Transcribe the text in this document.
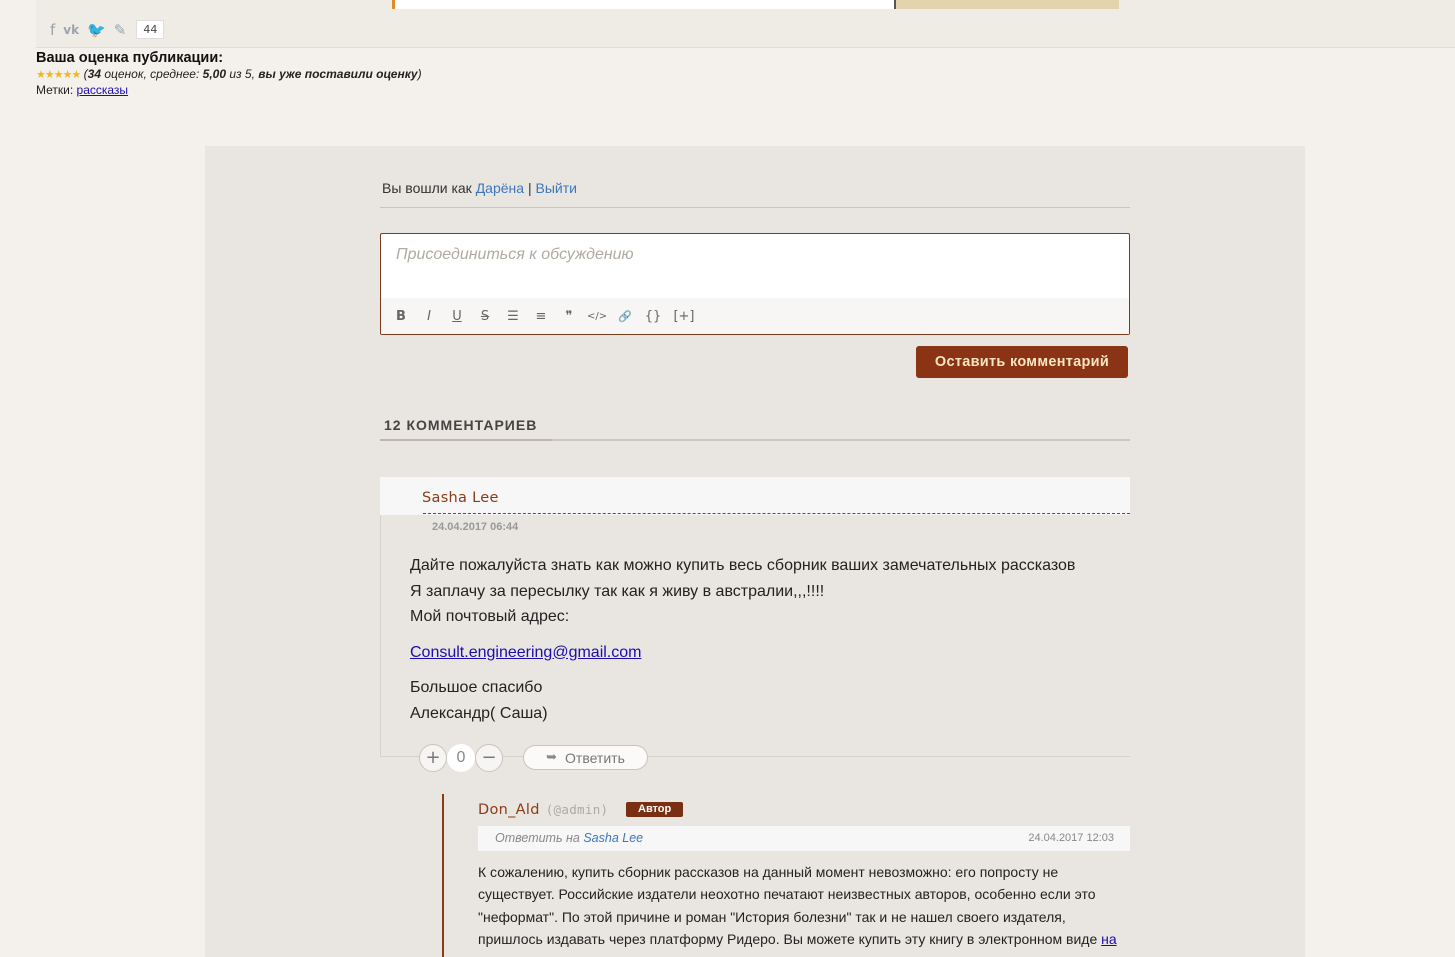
f vk 🐦 ✎	44
Ваша оценка публикации:
★★★★★ (34 оценок, среднее: 5,00 из 5, вы уже поставили оценку)
Метки: рассказы
Вы вошли как Дарёна | Выйти
Присоединиться к обсуждению
B	I	U	S	☰	≡	❞	</> 🔗 {} [+]
Оставить комментарий
12 КОММЕНТАРИЕВ
Sasha Lee
24.04.2017 06:44
Дайте пожалуйста знать как можно купить весь сборник ваших замечательных рассказов
Я заплачу за пересылку так как я живу в австралии,,,!!!!

Мой почтовый адрес:

Consult.engineering@gmail.com

Большое спасибо
Александр( Саша)
+	0 −	➥ Ответить
Don_Ald (@admin)	Автор
Ответить на Sasha Lee	24.04.2017 12:03
К сожалению, купить сборник рассказов на данный момент невозможно: его попросту не существует. Российские издатели неохотно печатают неизвестных авторов, особенно если это "неформат". По этой причине и роман "История болезни" так и не нашел своего издателя, пришлось издавать через платформу Ридеро. Вы можете купить эту книгу в электронном виде на
